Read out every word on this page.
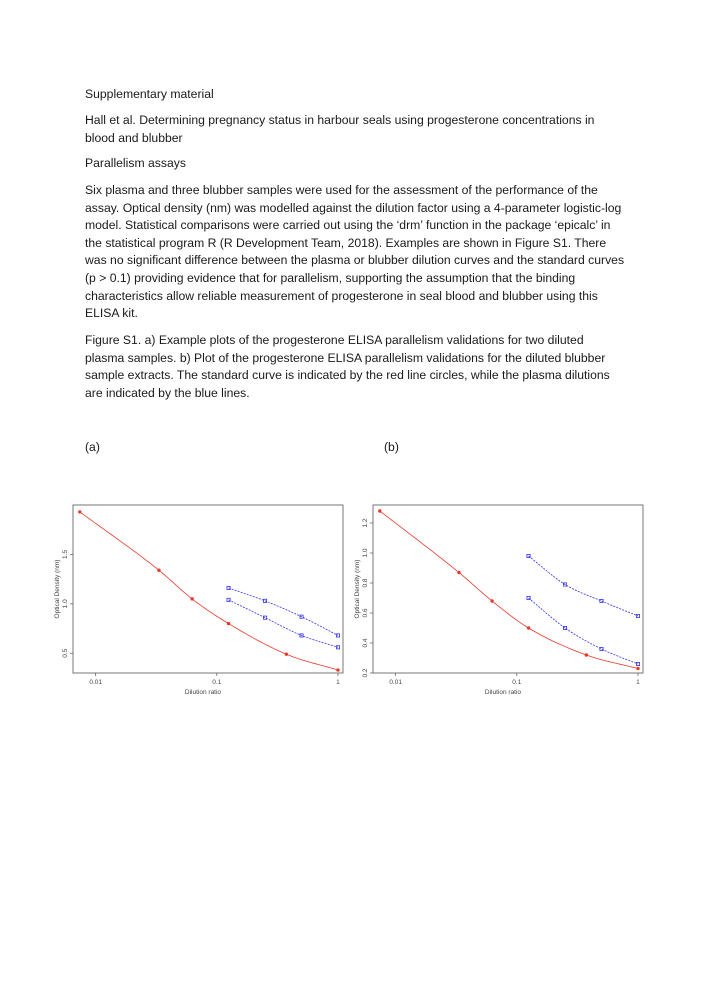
Supplementary material

Hall et al. Determining pregnancy status in harbour seals using progesterone concentrations in blood and blubber

Parallelism assays

Six plasma and three blubber samples were used for the assessment of the performance of the assay. Optical density (nm) was modelled against the dilution factor using a 4-parameter logistic-log model. Statistical comparisons were carried out using the ‘drm’ function in the package ‘epicalc’ in the statistical program R (R Development Team, 2018). Examples are shown in Figure S1. There was no significant difference between the plasma or blubber dilution curves and the standard curves (p > 0.1) providing evidence that for parallelism, supporting the assumption that the binding characteristics allow reliable measurement of progesterone in seal blood and blubber using this ELISA kit.

Figure S1. a) Example plots of the progesterone ELISA parallelism validations for two diluted plasma samples. b) Plot of the progesterone ELISA parallelism validations for the diluted blubber sample extracts. The standard curve is indicated by the red line circles, while the plasma dilutions are indicated by the blue lines.

(a)	(b)
0.01	0.1	1
0.5
1.0
1.5
Dilution ratio
Optical Density (nm)
0.01	0.1	1
0.2
0.4
0.6
0.8
1.0
1.2
Dilution ratio
Optical Density (nm)
